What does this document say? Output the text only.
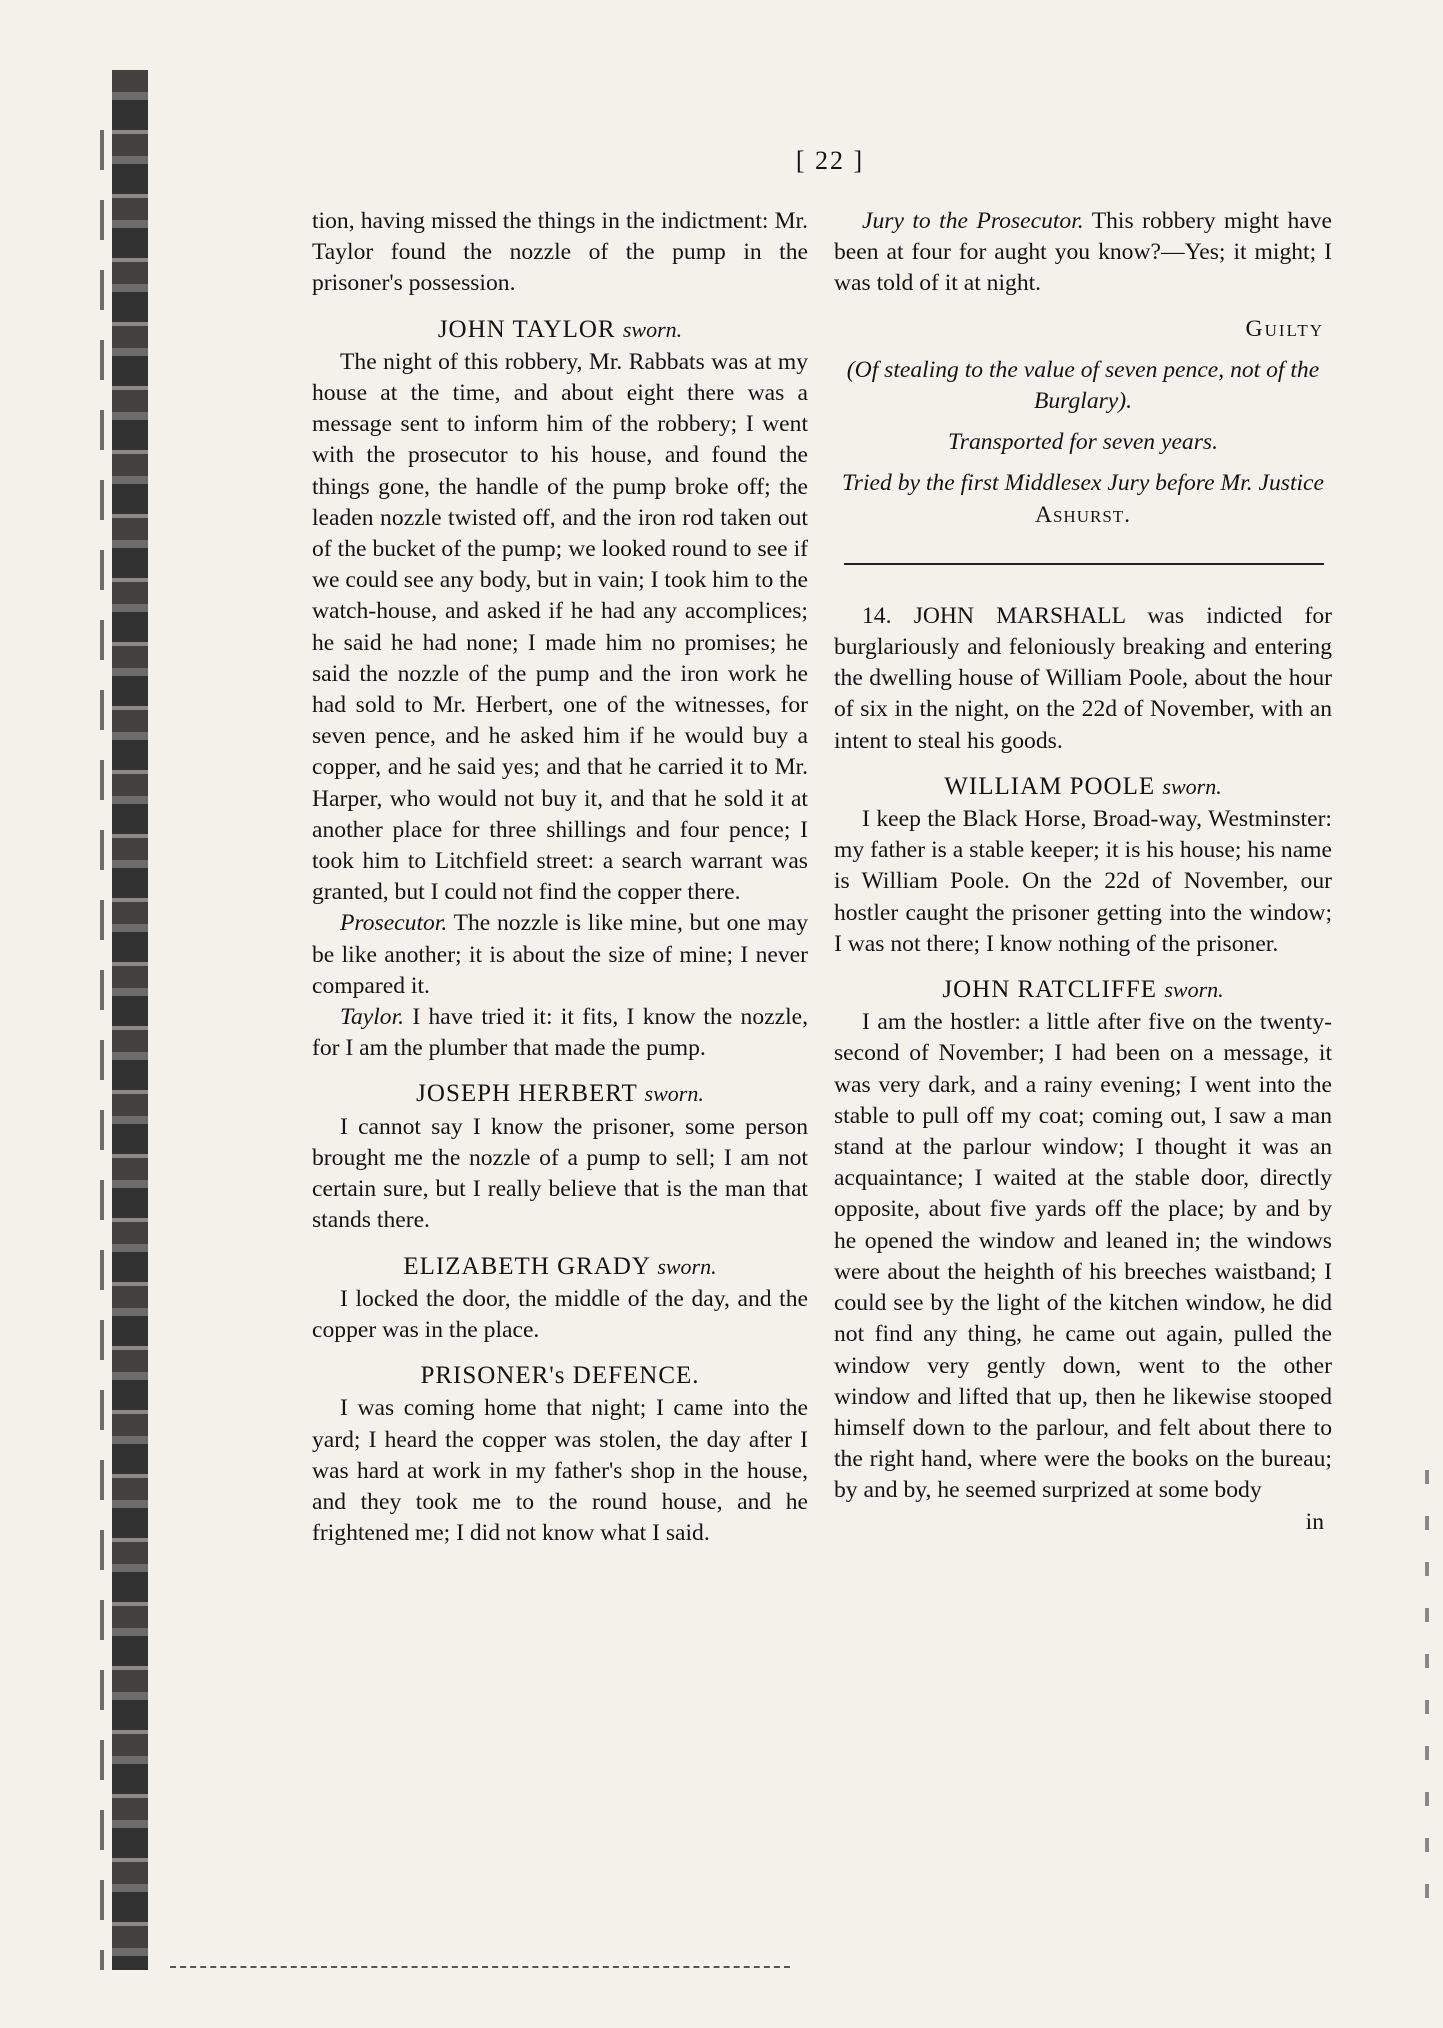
[ 22 ]

tion, having missed the things in the indictment: Mr. Taylor found the nozzle of the pump in the prisoner's possession.

JOHN TAYLOR sworn.

The night of this robbery, Mr. Rabbats was at my house at the time, and about eight there was a message sent to inform him of the robbery; I went with the prosecutor to his house, and found the things gone, the handle of the pump broke off; the leaden nozzle twisted off, and the iron rod taken out of the bucket of the pump; we looked round to see if we could see any body, but in vain; I took him to the watch-house, and asked if he had any accomplices; he said he had none; I made him no promises; he said the nozzle of the pump and the iron work he had sold to Mr. Herbert, one of the witnesses, for seven pence, and he asked him if he would buy a copper, and he said yes; and that he carried it to Mr. Harper, who would not buy it, and that he sold it at another place for three shillings and four pence; I took him to Litchfield street: a search warrant was granted, but I could not find the copper there.

Prosecutor. The nozzle is like mine, but one may be like another; it is about the size of mine; I never compared it.

Taylor. I have tried it: it fits, I know the nozzle, for I am the plumber that made the pump.

JOSEPH HERBERT sworn.

I cannot say I know the prisoner, some person brought me the nozzle of a pump to sell; I am not certain sure, but I really believe that is the man that stands there.

ELIZABETH GRADY sworn.

I locked the door, the middle of the day, and the copper was in the place.

PRISONER's DEFENCE.

I was coming home that night; I came into the yard; I heard the copper was stolen, the day after I was hard at work in my father's shop in the house, and they took me to the round house, and he frightened me; I did not know what I said.

Jury to the Prosecutor. This robbery might have been at four for aught you know?—Yes; it might; I was told of it at night.

Guilty
(Of stealing to the value of seven pence, not of the Burglary).
Transported for seven years.
Tried by the first Middlesex Jury before Mr. Justice Ashurst.

14. JOHN MARSHALL was indicted for burglariously and feloniously breaking and entering the dwelling house of William Poole, about the hour of six in the night, on the 22d of November, with an intent to steal his goods.

WILLIAM POOLE sworn.

I keep the Black Horse, Broad-way, Westminster: my father is a stable keeper; it is his house; his name is William Poole. On the 22d of November, our hostler caught the prisoner getting into the window; I was not there; I know nothing of the prisoner.

JOHN RATCLIFFE sworn.

I am the hostler: a little after five on the twenty-second of November; I had been on a message, it was very dark, and a rainy evening; I went into the stable to pull off my coat; coming out, I saw a man stand at the parlour window; I thought it was an acquaintance; I waited at the stable door, directly opposite, about five yards off the place; by and by he opened the window and leaned in; the windows were about the heighth of his breeches waistband; I could see by the light of the kitchen window, he did not find any thing, he came out again, pulled the window very gently down, went to the other window and lifted that up, then he likewise stooped himself down to the parlour, and felt about there to the right hand, where were the books on the bureau; by and by, he seemed surprized at some body

in
